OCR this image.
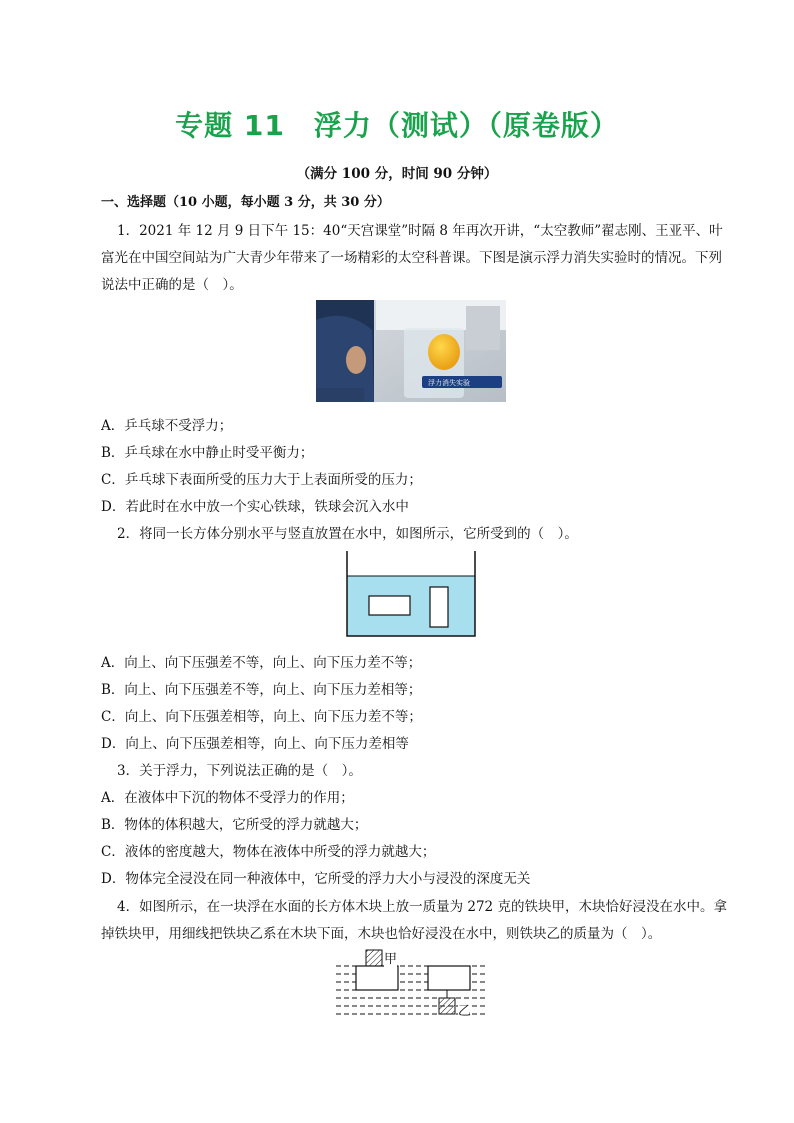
专题 11　浮力（测试）（原卷版）
（满分 100 分，时间 90 分钟）
一、选择题（10 小题，每小题 3 分，共 30 分）
1．2021 年 12 月 9 日下午 15：40“天宫课堂”时隔 8 年再次开讲，“太空教师”翟志刚、王亚平、叶
富光在中国空间站为广大青少年带来了一场精彩的太空科普课。下图是演示浮力消失实验时的情况。下列
说法中正确的是（　）。
浮力消失实验
A．乒乓球不受浮力；
B．乒乓球在水中静止时受平衡力；
C．乒乓球下表面所受的压力大于上表面所受的压力；
D．若此时在水中放一个实心铁球，铁球会沉入水中
2．将同一长方体分别水平与竖直放置在水中，如图所示，它所受到的（　）。
A．向上、向下压强差不等，向上、向下压力差不等；
B．向上、向下压强差不等，向上、向下压力差相等；
C．向上、向下压强差相等，向上、向下压力差不等；
D．向上、向下压强差相等，向上、向下压力差相等
3．关于浮力，下列说法正确的是（　）。
A．在液体中下沉的物体不受浮力的作用；
B．物体的体积越大，它所受的浮力就越大；
C．液体的密度越大，物体在液体中所受的浮力就越大；
D．物体完全浸没在同一种液体中，它所受的浮力大小与浸没的深度无关
4．如图所示，在一块浮在水面的长方体木块上放一质量为 272 克的铁块甲，木块恰好浸没在水中。拿
掉铁块甲，用细线把铁块乙系在木块下面，木块也恰好浸没在水中，则铁块乙的质量为（　）。
甲
乙
